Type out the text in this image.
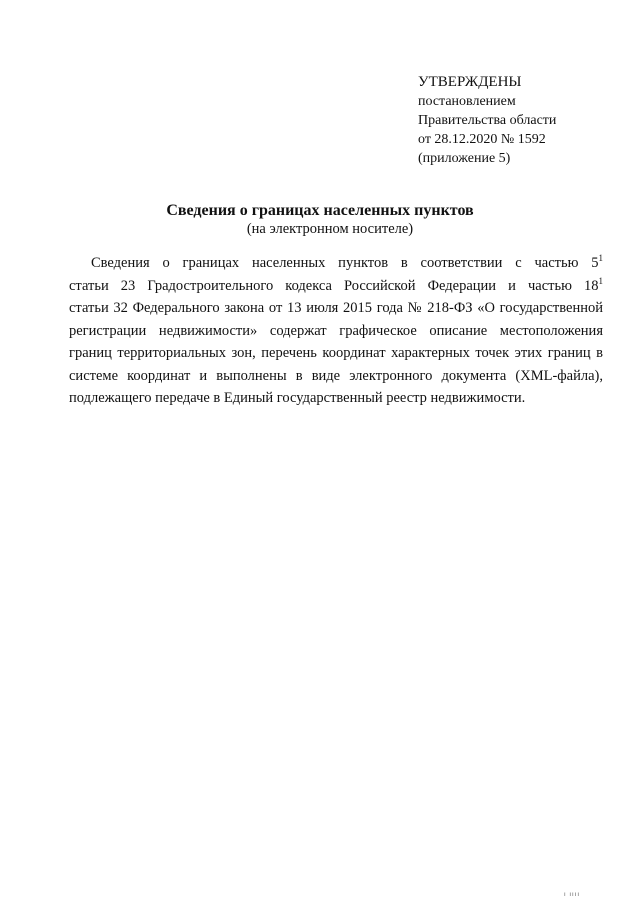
УТВЕРЖДЕНЫ
постановлением
Правительства области
от 28.12.2020 № 1592
(приложение 5)
Сведения о границах населенных пунктов
(на электронном носителе)
Сведения о границах населенных пунктов в соответствии с частью $5^1$
статьи 23 Градостроительного кодекса Российской Федерации и частью $18^1$
статьи 32 Федерального закона от 13 июля 2015 года № 218-ФЗ «О государственной
регистрации недвижимости» содержат графическое описание местоположения
границ территориальных зон, перечень координат характерных точек этих границ в
системе координат и выполнены в виде электронного документа (XML-файла),
подлежащего передаче в Единый государственный реестр недвижимости.
ı ıııı
